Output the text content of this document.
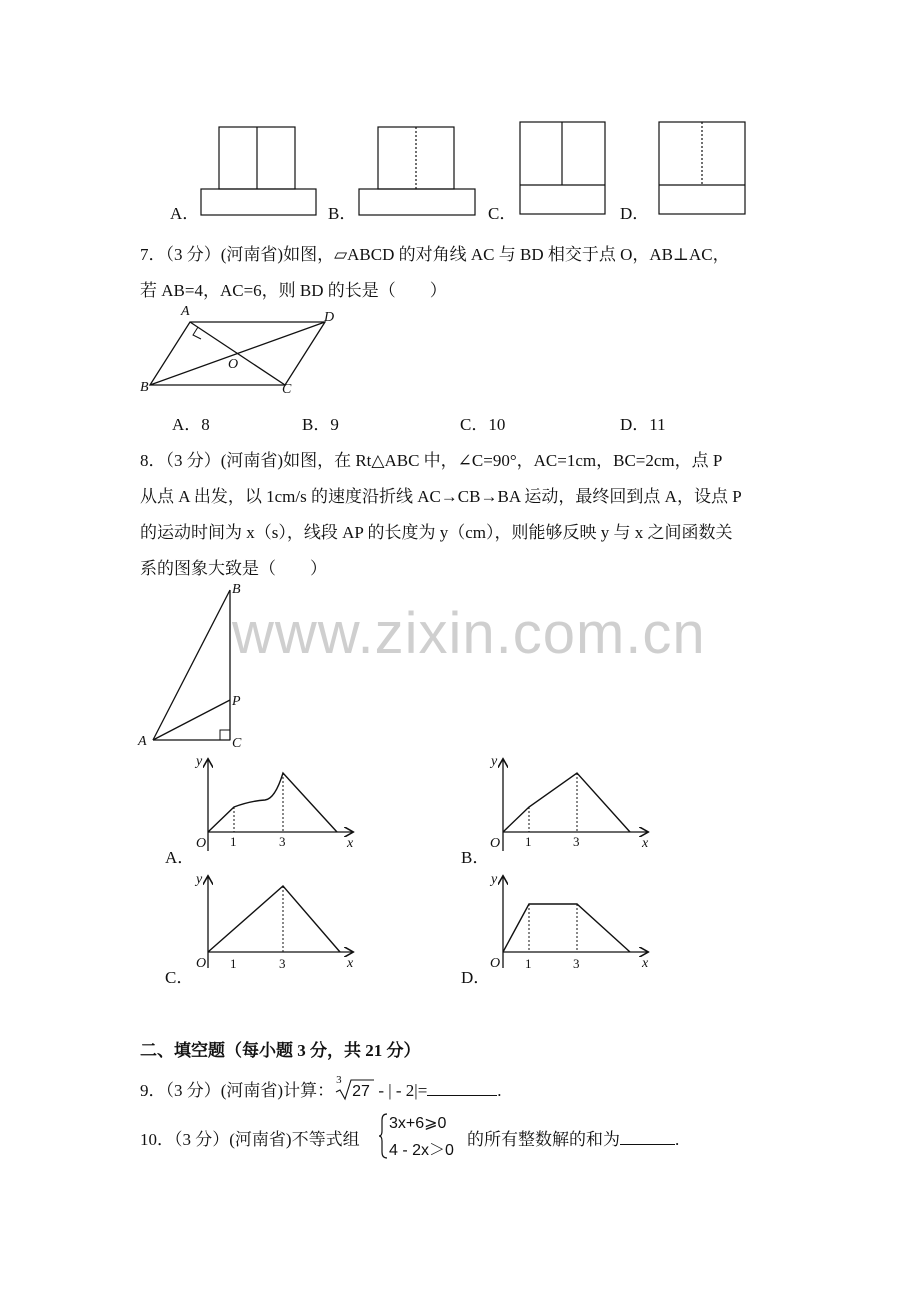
www.zixin.com.cn
A．	B．	C．	D．
7．（3 分）(河南省)如图，▱ABCD 的对角线 AC 与 BD 相交于点 O，AB⊥AC，
若 AB=4，AC=6，则 BD 的长是（　　）
A	D
B	C
O
A．8	B．9	C．10	D．11
8．（3 分）(河南省)如图，在 Rt△ABC 中，∠C=90°，AC=1cm，BC=2cm，点 P
从点 A 出发，以 1cm/s 的速度沿折线 AC→CB→BA 运动，最终回到点 A，设点 P
的运动时间为 x（s），线段 AP 的长度为 y（cm），则能够反映 y 与 x 之间函数关
系的图象大致是（　　）
B
P
A	C
y
O 1	3	x
A．
y
O 1	3	x
B．
y
O 1	3	x
C．
y
O 1	3	x
D．
二、填空题（每小题 3 分，共 21 分）
9．（3 分）(河南省)计算：
3
27 - | - 2|=	.
10．（3 分）(河南省)不等式组
3x+6⩾0
4 - 2x＞0
的所有整数解的和为	.
